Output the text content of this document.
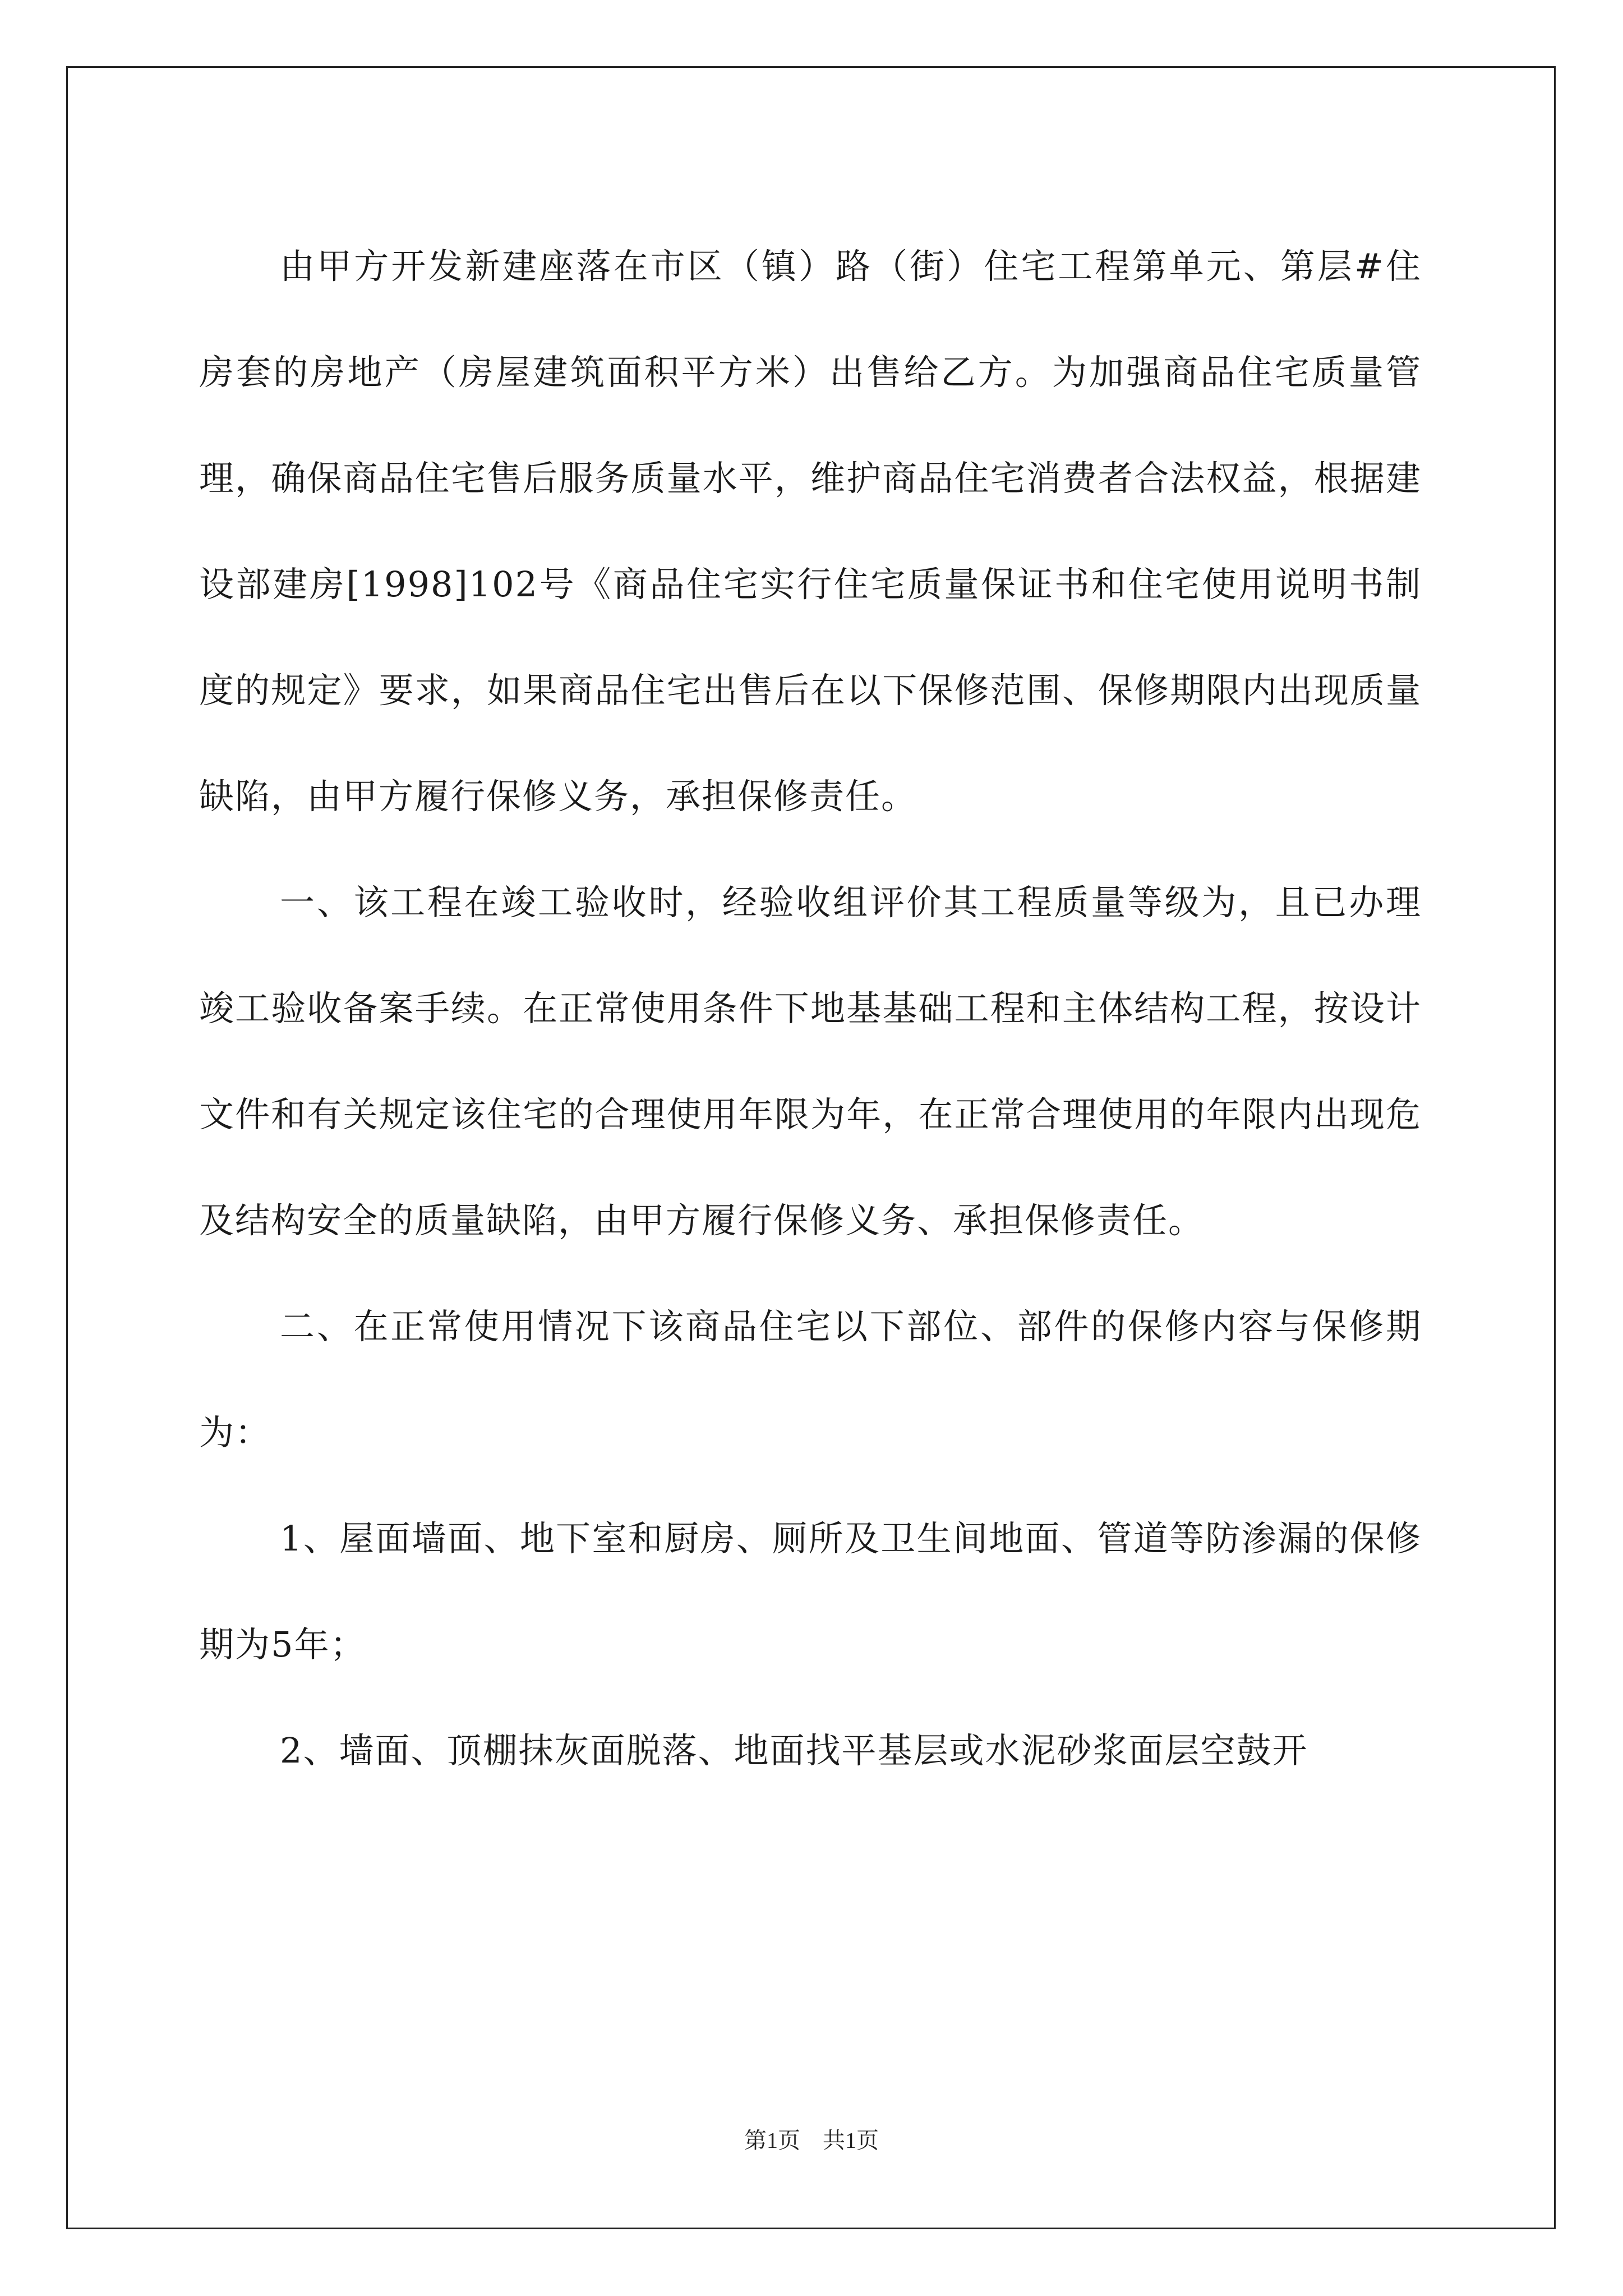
由甲方开发新建座落在市区（镇）路（街）住宅工程第单元、第层#住房套的房地产（房屋建筑面积平方米）出售给乙方。为加强商品住宅质量管理，确保商品住宅售后服务质量水平，维护商品住宅消费者合法权益，根据建设部建房[1998]102号《商品住宅实行住宅质量保证书和住宅使用说明书制度的规定》要求，如果商品住宅出售后在以下保修范围、保修期限内出现质量缺陷，由甲方履行保修义务，承担保修责任。

一、该工程在竣工验收时，经验收组评价其工程质量等级为，且已办理竣工验收备案手续。在正常使用条件下地基基础工程和主体结构工程，按设计文件和有关规定该住宅的合理使用年限为年，在正常合理使用的年限内出现危及结构安全的质量缺陷，由甲方履行保修义务、承担保修责任。

二、在正常使用情况下该商品住宅以下部位、部件的保修内容与保修期为：

1、屋面墙面、地下室和厨房、厕所及卫生间地面、管道等防渗漏的保修期为5年；

2、墙面、顶棚抹灰面脱落、地面找平基层或水泥砂浆面层空鼓开

第1页　共1页
